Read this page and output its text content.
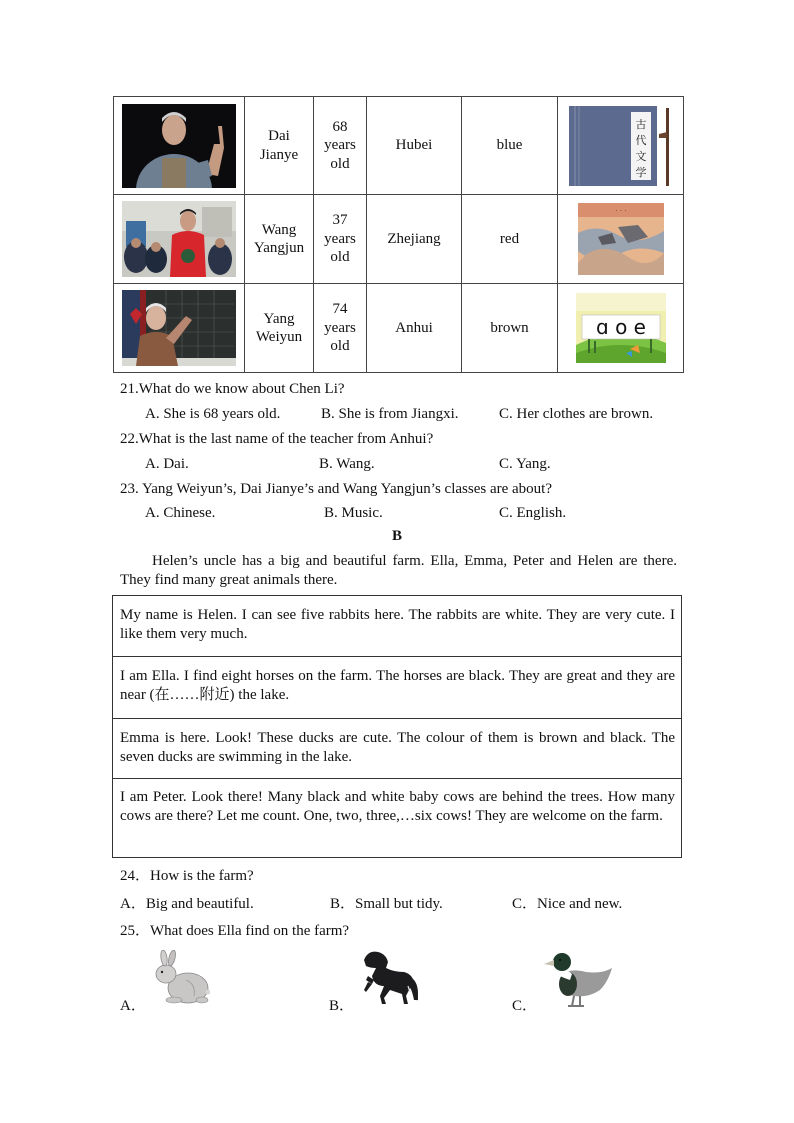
	Dai Jianye	68
years
old	Hubei	blue	古
代
文
学

	Wang Yangjun	37
years
old	Zhejiang	red	· · ·

	Yang Weiyun	74
years
old	Anhui	brown	ɑ o e
21.What do we know about Chen Li?
A. She is 68 years old.	B. She is from Jiangxi.	C. Her clothes are brown.
22.What is the last name of the teacher from Anhui?
A. Dai.	B. Wang.	C. Yang.
23. Yang Weiyun’s, Dai Jianye’s and Wang Yangjun’s classes are about?
A. Chinese.	B. Music.	C. English.
B
Helen’s uncle has a big and beautiful farm. Ella, Emma, Peter and Helen are there. They find many great animals there.
My name is Helen. I can see five rabbits here. The rabbits are white. They are very cute. I like them very much.
I am Ella. I find eight horses on the farm. The horses are black. They are great and they are near (在……附近) the lake.
Emma is here. Look! These ducks are cute. The colour of them is brown and black. The seven ducks are swimming in the lake.
I am Peter. Look there! Many black and white baby cows are behind the trees. How many cows are there? Let me count. One, two, three,…six cows! They are welcome on the farm.
24．How is the farm?
A．Big and beautiful.	B．Small but tidy.	C．Nice and new.
25．What does Ella find on the farm?
A．	B．	C．
